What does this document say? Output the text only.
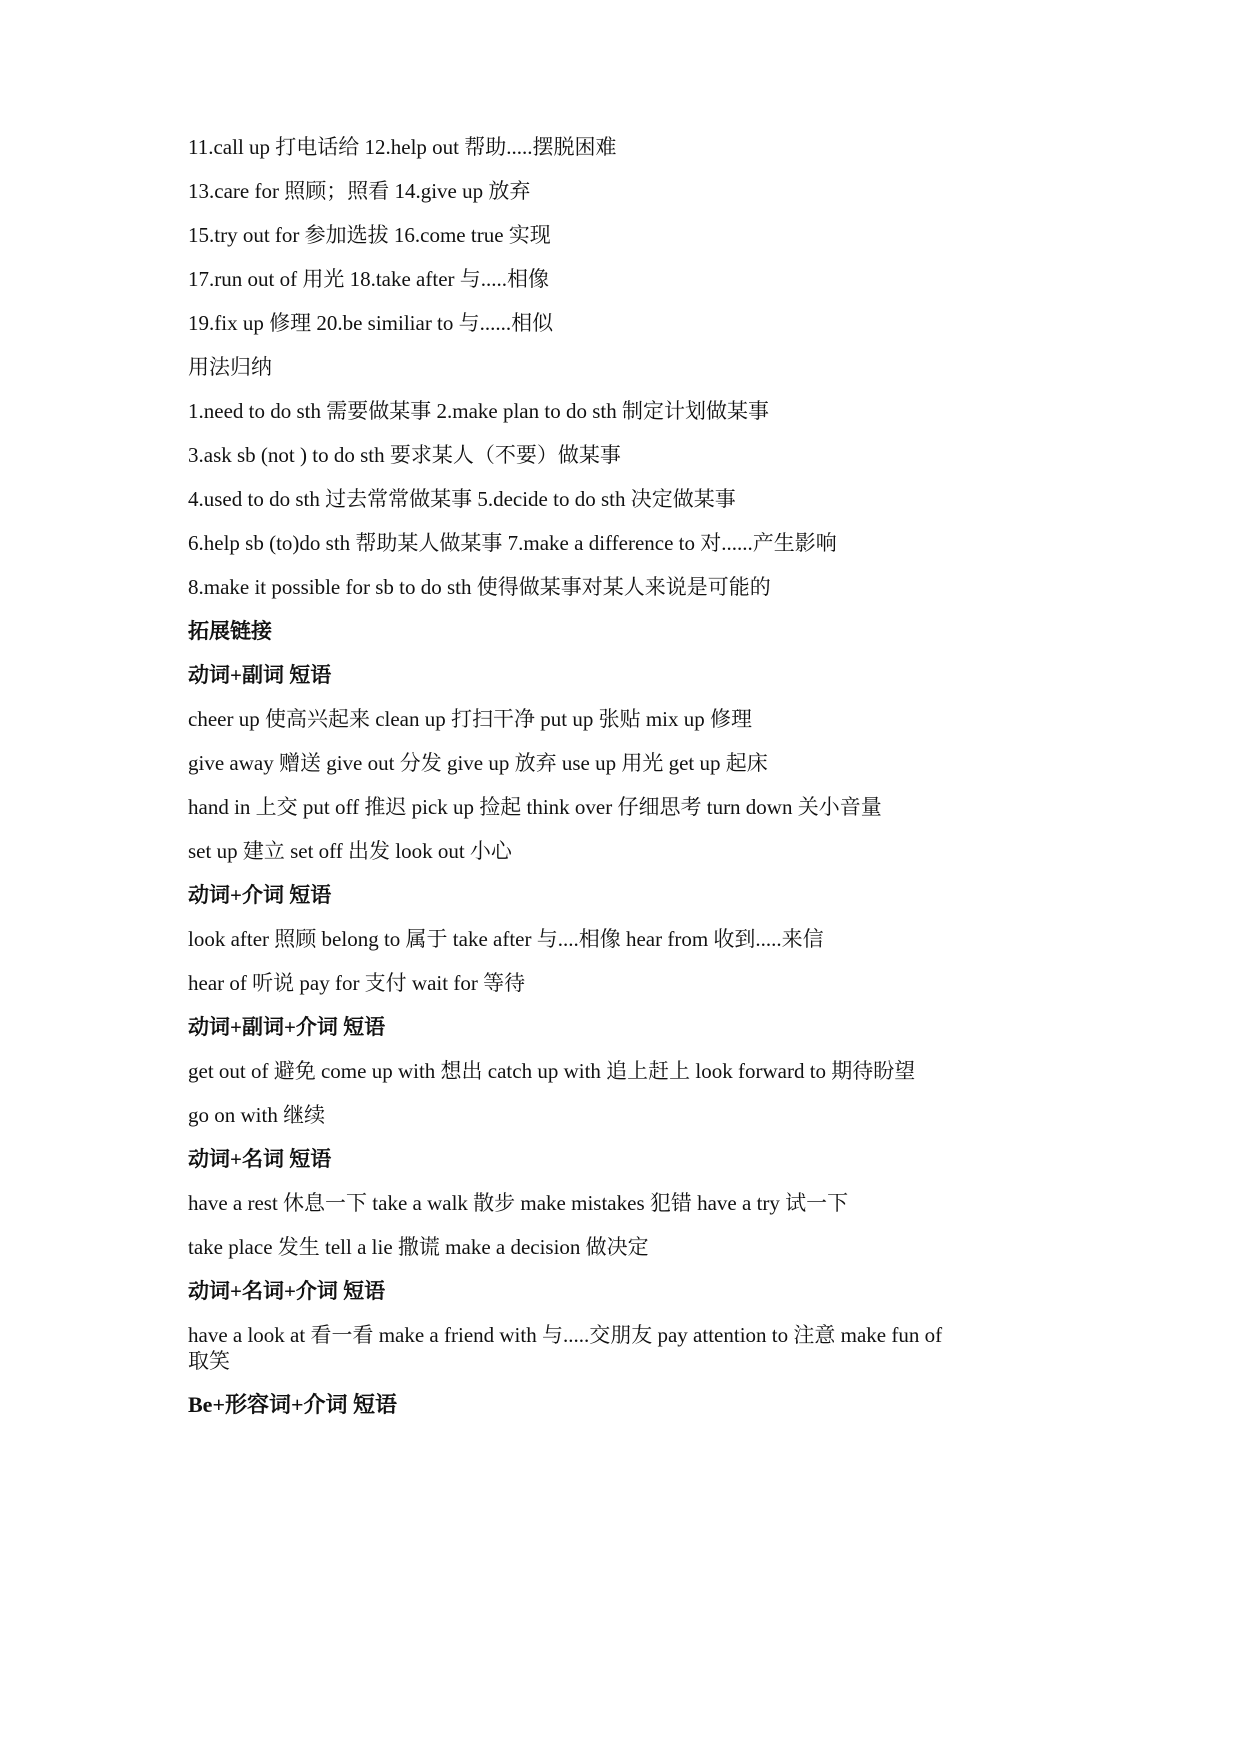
11.call up 打电话给 12.help out 帮助.....摆脱困难
13.care for 照顾；照看 14.give up 放弃
15.try out for 参加选拔 16.come true 实现
17.run out of 用光 18.take after 与.....相像
19.fix up 修理 20.be similiar to 与......相似
用法归纳
1.need to do sth 需要做某事 2.make plan to do sth 制定计划做某事
3.ask sb (not ) to do sth 要求某人（不要）做某事
4.used to do sth 过去常常做某事 5.decide to do sth 决定做某事
6.help sb (to)do sth 帮助某人做某事 7.make a difference to 对......产生影响
8.make it possible for sb to do sth 使得做某事对某人来说是可能的
拓展链接
动词+副词 短语
cheer up 使高兴起来 clean up 打扫干净 put up 张贴 mix up 修理
give away 赠送 give out 分发 give up 放弃 use up 用光 get up 起床
hand in 上交 put off 推迟 pick up 捡起 think over 仔细思考 turn down 关小音量
set up 建立 set off 出发 look out 小心
动词+介词 短语
look after 照顾 belong to 属于 take after 与....相像 hear from 收到.....来信
hear of 听说 pay for 支付 wait for 等待
动词+副词+介词 短语
get out of 避免 come up with 想出 catch up with 追上赶上 look forward to 期待盼望
go on with 继续
动词+名词 短语
have a rest 休息一下 take a walk 散步 make mistakes 犯错 have a try 试一下
take place 发生 tell a lie 撒谎 make a decision 做决定
动词+名词+介词 短语
have a look at 看一看 make a friend with 与.....交朋友 pay attention to 注意 make fun of
取笑
Be+形容词+介词 短语
